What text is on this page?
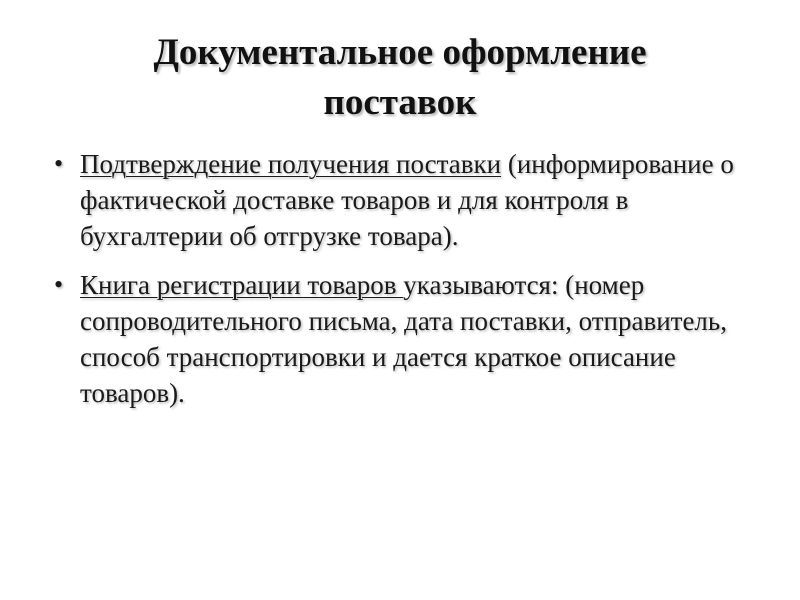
Документальное оформление
поставок
• Подтверждение получения поставки (информирование о фактической доставке товаров и для контроля в бухгалтерии об отгрузке товара).
• Книга регистрации товаров указываются: (номер сопроводительного письма, дата поставки, отправитель, способ транспортировки и дается краткое описание товаров).
